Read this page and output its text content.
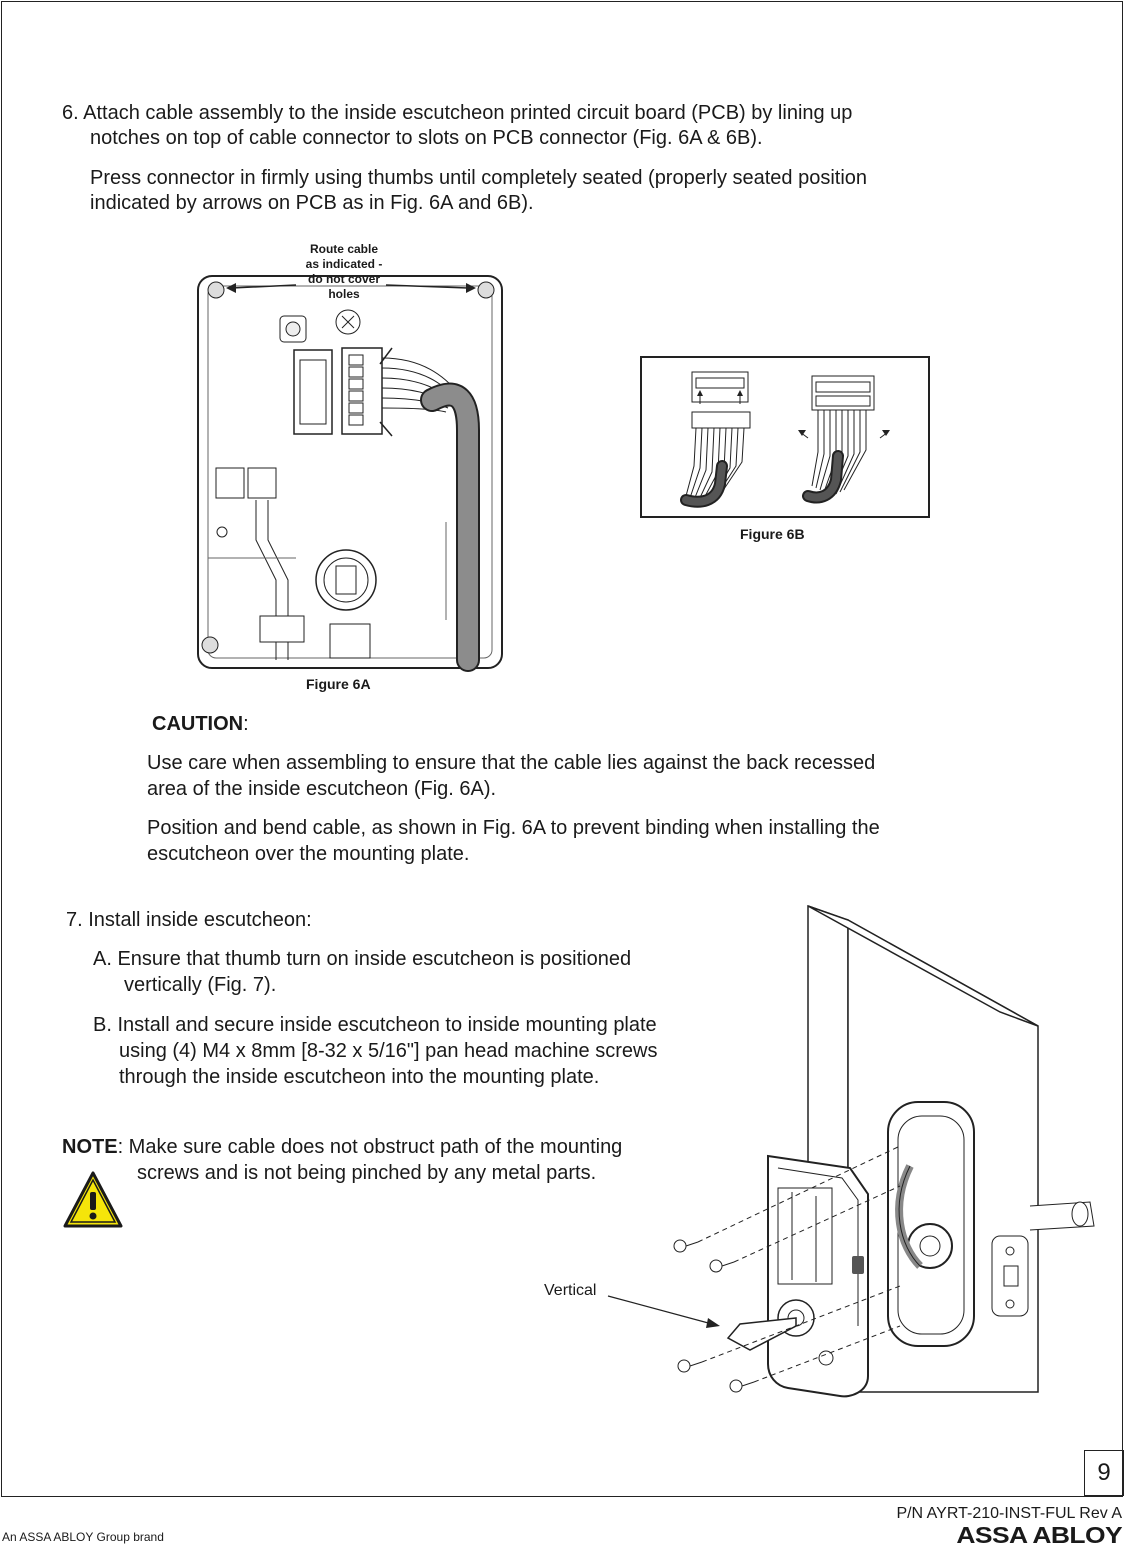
6. Attach cable assembly to the inside escutcheon printed circuit board (PCB) by lining up
notches on top of cable connector to slots on PCB connector (Fig. 6A & 6B).
Press connector in firmly using thumbs until completely seated (properly seated position
indicated by arrows on PCB as in Fig. 6A and 6B).
Route cable
as indicated -
do not cover
holes
Figure 6A
Figure 6B
CAUTION:
Use care when assembling to ensure that the cable lies against the back recessed
area of the inside escutcheon (Fig. 6A).
Position and bend cable, as shown in Fig. 6A to prevent binding when installing the
escutcheon over the mounting plate.
7. Install inside escutcheon:
A. Ensure that thumb turn on inside escutcheon is positioned
vertically (Fig. 7).
B. Install and secure inside escutcheon to inside mounting plate
using (4) M4 x 8mm [8-32 x 5/16"] pan head machine screws
through the inside escutcheon into the mounting plate.
NOTE: Make sure cable does not obstruct path of the mounting
screws and is not being pinched by any metal parts.
Vertical
9
P/N AYRT-210-INST-FUL Rev A
An ASSA ABLOY Group brand	ASSA ABLOY
